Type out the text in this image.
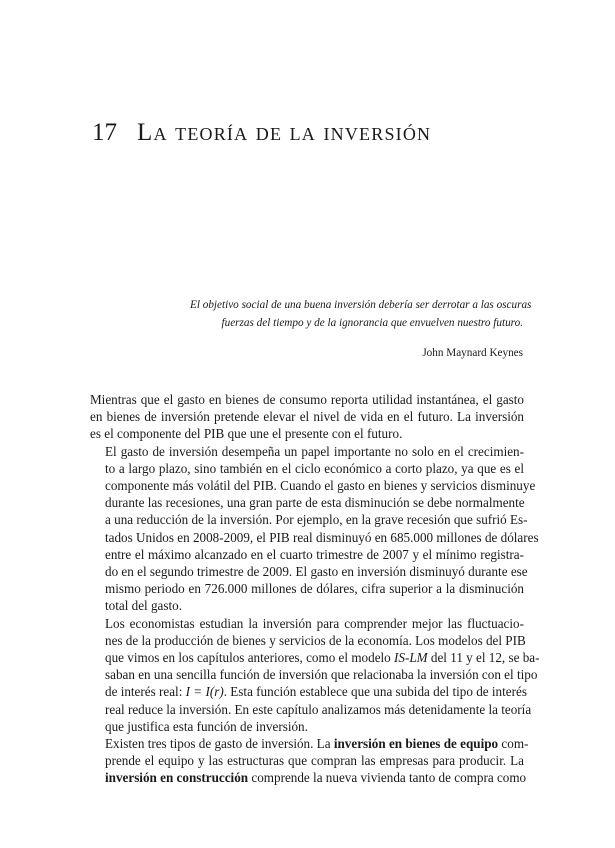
17 La teoría de la inversión
El objetivo social de una buena inversión debería ser derrotar a las oscuras
fuerzas del tiempo y de la ignorancia que envuelven nuestro futuro.
John Maynard Keynes

Mientras que el gasto en bienes de consumo reporta utilidad instantánea, el gasto
en bienes de inversión pretende elevar el nivel de vida en el futuro. La inversión
es el componente del PIB que une el presente con el futuro.

El gasto de inversión desempeña un papel importante no solo en el crecimien-
to a largo plazo, sino también en el ciclo económico a corto plazo, ya que es el
componente más volátil del PIB. Cuando el gasto en bienes y servicios disminuye
durante las recesiones, una gran parte de esta disminución se debe normalmente
a una reducción de la inversión. Por ejemplo, en la grave recesión que sufrió Es-
tados Unidos en 2008-2009, el PIB real disminuyó en 685.000 millones de dólares
entre el máximo alcanzado en el cuarto trimestre de 2007 y el mínimo registra-
do en el segundo trimestre de 2009. El gasto en inversión disminuyó durante ese
mismo periodo en 726.000 millones de dólares, cifra superior a la disminución
total del gasto.

Los economistas estudian la inversión para comprender mejor las fluctuacio-
nes de la producción de bienes y servicios de la economía. Los modelos del PIB
que vimos en los capítulos anteriores, como el modelo IS-LM del 11 y el 12, se ba-
saban en una sencilla función de inversión que relacionaba la inversión con el tipo
de interés real: I = I(r). Esta función establece que una subida del tipo de interés
real reduce la inversión. En este capítulo analizamos más detenidamente la teoría
que justifica esta función de inversión.

Existen tres tipos de gasto de inversión. La inversión en bienes de equipo com-
prende el equipo y las estructuras que compran las empresas para producir. La
inversión en construcción comprende la nueva vivienda tanto de compra como
